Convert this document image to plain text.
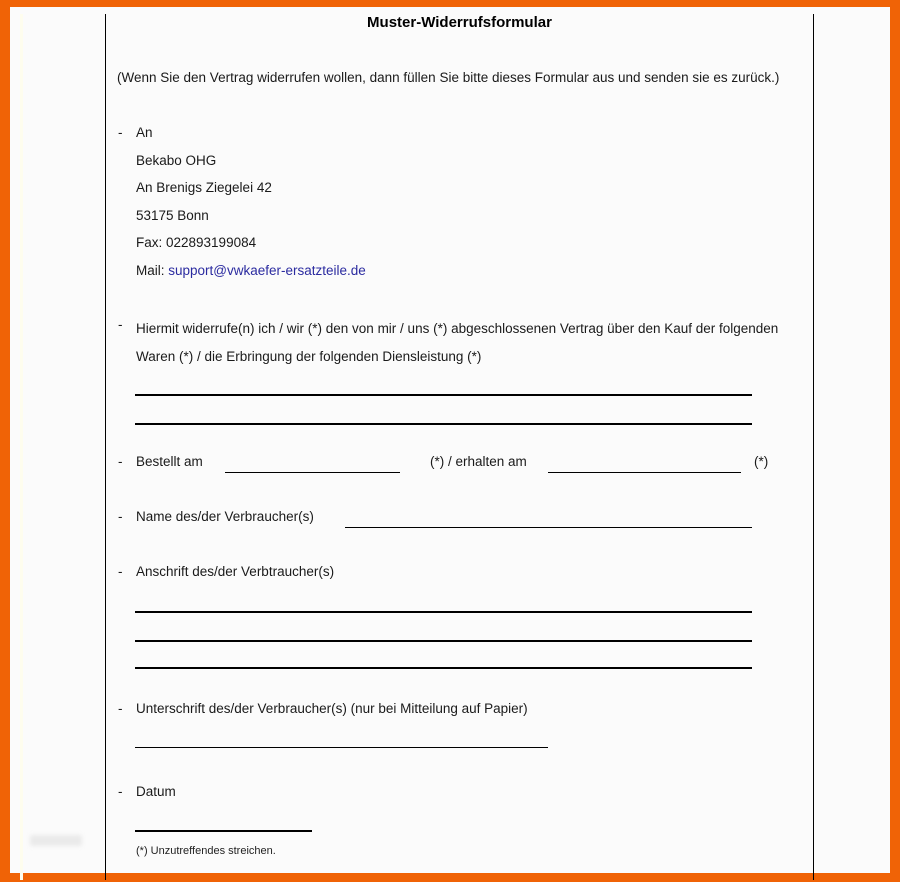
Muster-Widerrufsformular
(Wenn Sie den Vertrag widerrufen wollen, dann füllen Sie bitte dieses Formular aus und senden sie es zurück.)
- An
Bekabo OHG
An Brenigs Ziegelei 42
53175 Bonn
Fax: 022893199084
Mail: support@vwkaefer-ersatzteile.de
- Hiermit widerrufe(n) ich / wir (*) den von mir / uns (*) abgeschlossenen Vertrag über den Kauf der folgenden Waren (*) / die Erbringung der folgenden Diensleistung (*)
- Bestellt am	(*) / erhalten am	(*)
- Name des/der Verbraucher(s)
- Anschrift des/der Verbtraucher(s)
- Unterschrift des/der Verbraucher(s) (nur bei Mitteilung auf Papier)
- Datum
(*) Unzutreffendes streichen.
